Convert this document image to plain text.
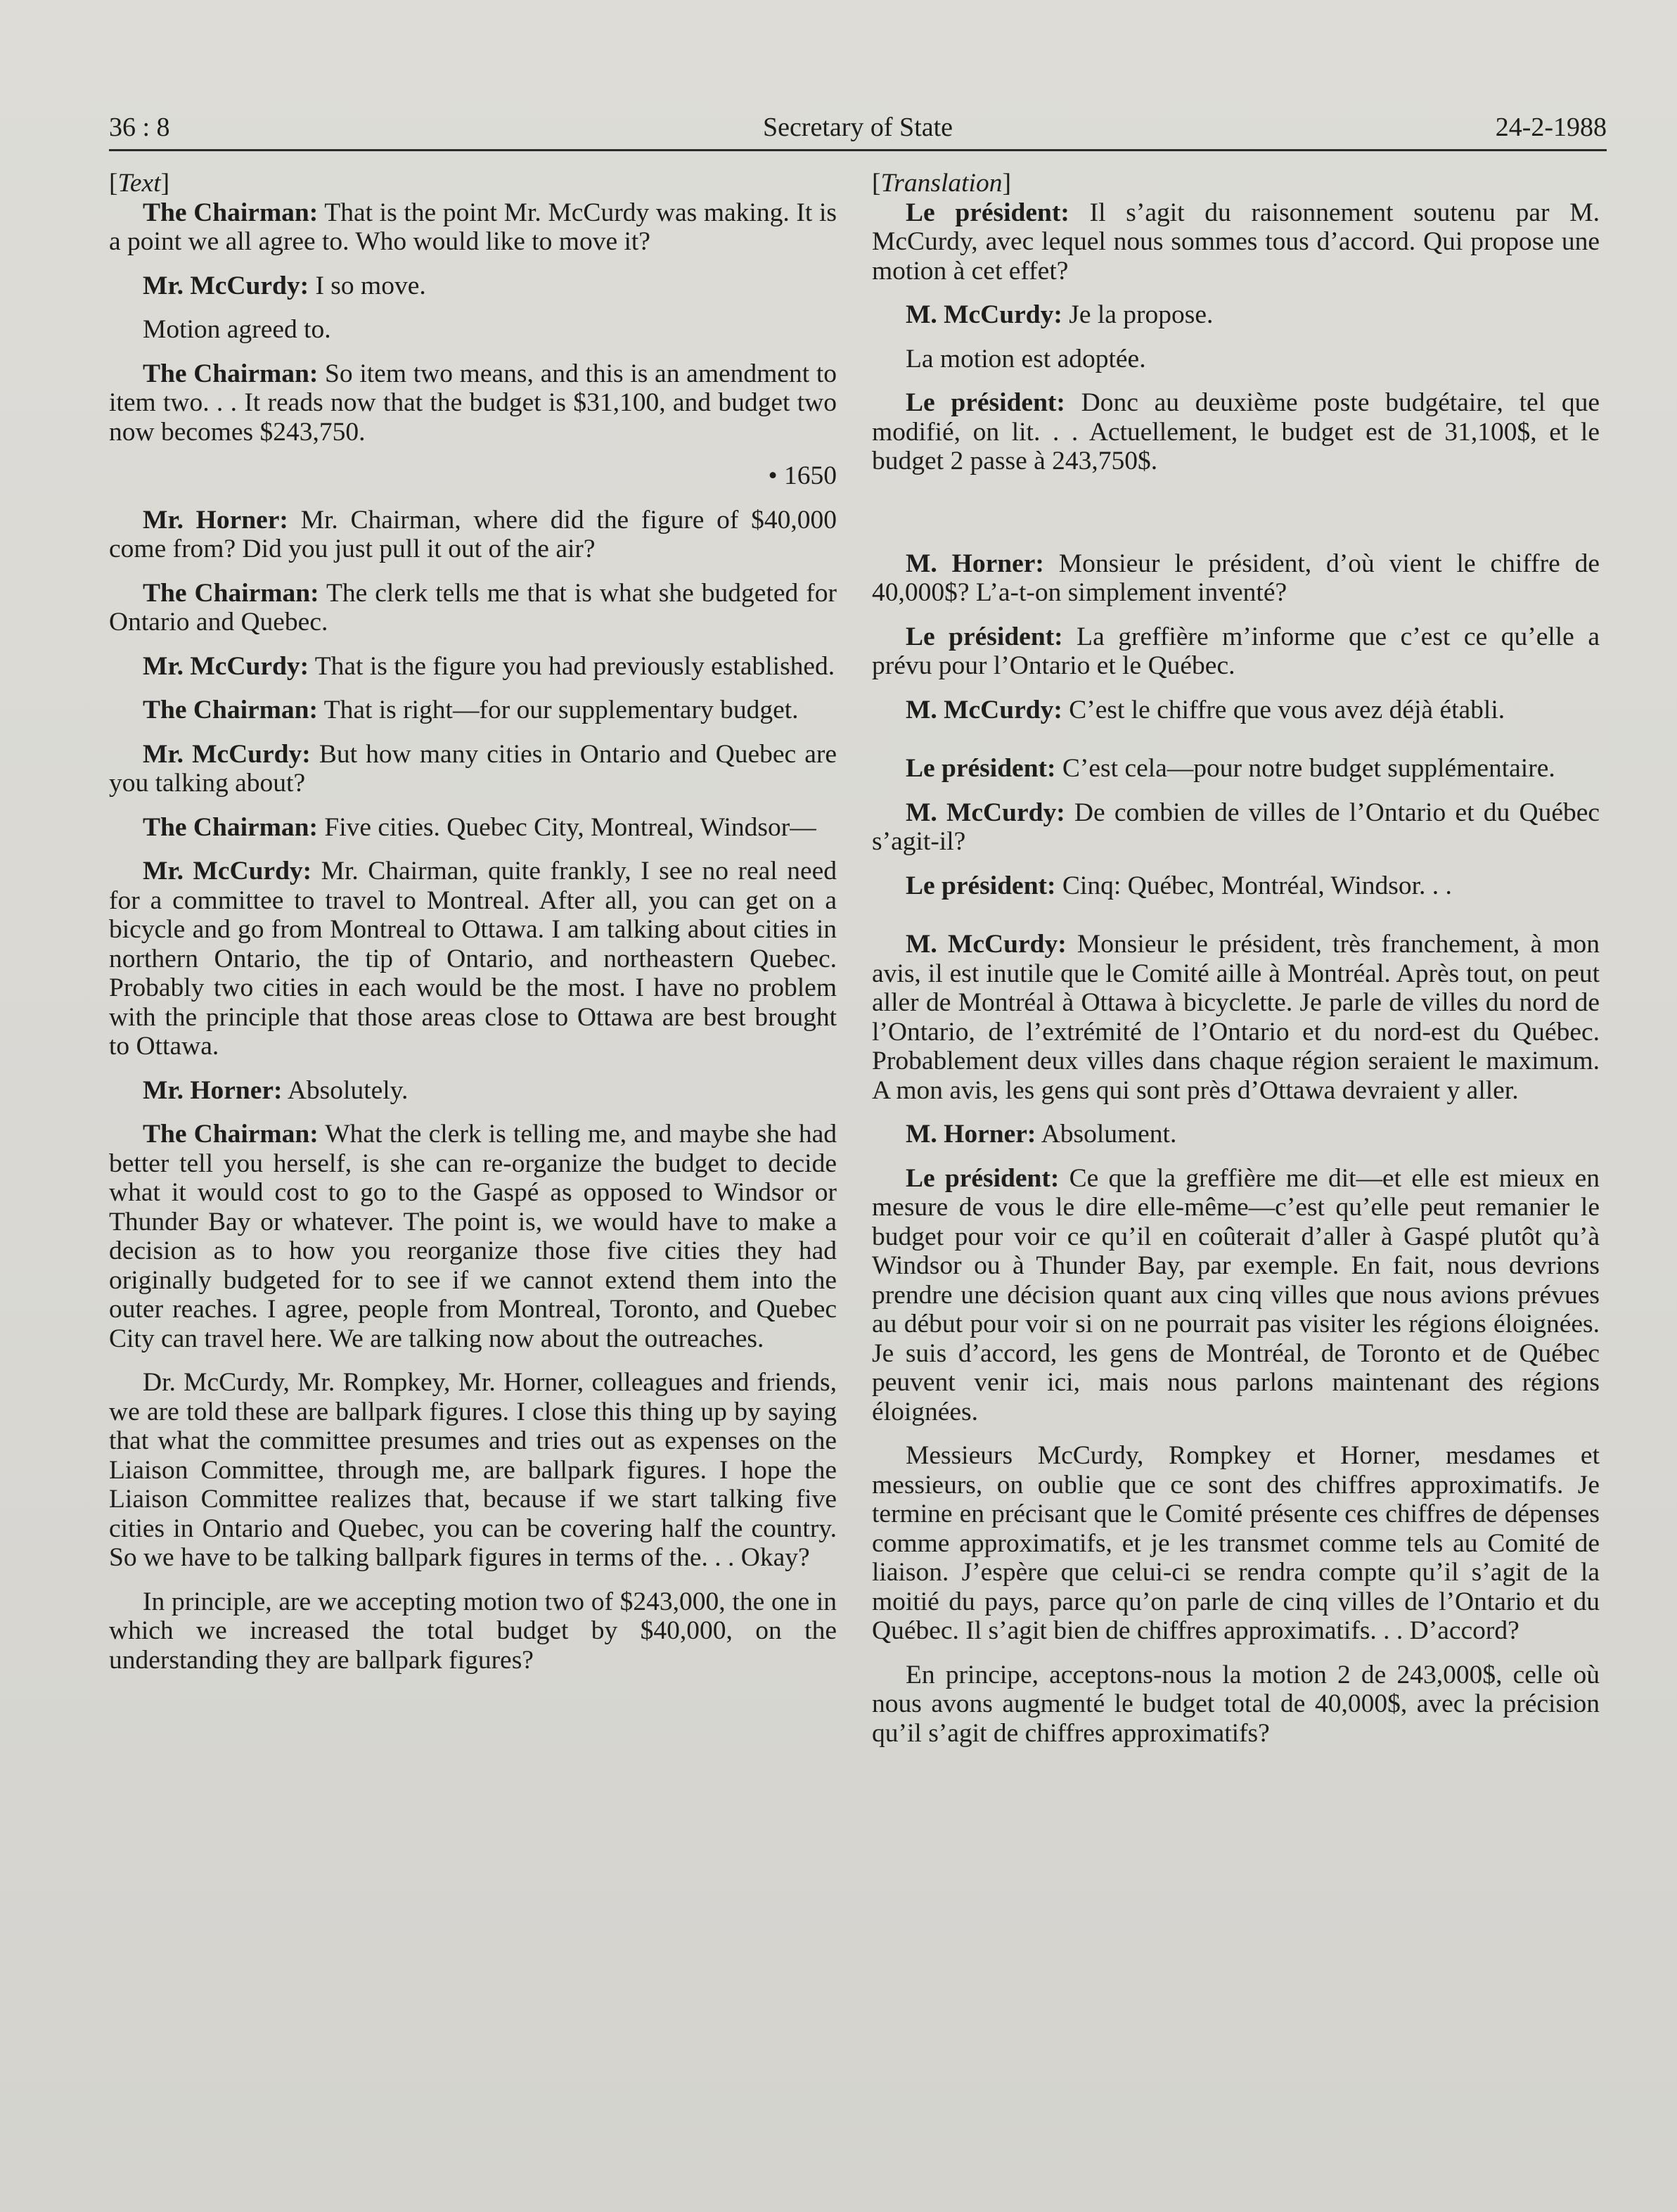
36 : 8	Secretary of State	24-2-1988

[Text]

The Chairman: That is the point Mr. McCurdy was making. It is a point we all agree to. Who would like to move it?

Mr. McCurdy: I so move.

Motion agreed to.

The Chairman: So item two means, and this is an amendment to item two. . . It reads now that the budget is $31,100, and budget two now becomes $243,750.

• 1650

Mr. Horner: Mr. Chairman, where did the figure of $40,000 come from? Did you just pull it out of the air?

The Chairman: The clerk tells me that is what she budgeted for Ontario and Quebec.

Mr. McCurdy: That is the figure you had previously established.

The Chairman: That is right—for our supplementary budget.

Mr. McCurdy: But how many cities in Ontario and Quebec are you talking about?

The Chairman: Five cities. Quebec City, Montreal, Windsor—

Mr. McCurdy: Mr. Chairman, quite frankly, I see no real need for a committee to travel to Montreal. After all, you can get on a bicycle and go from Montreal to Ottawa. I am talking about cities in northern Ontario, the tip of Ontario, and northeastern Quebec. Probably two cities in each would be the most. I have no problem with the principle that those areas close to Ottawa are best brought to Ottawa.

Mr. Horner: Absolutely.

The Chairman: What the clerk is telling me, and maybe she had better tell you herself, is she can re-organize the budget to decide what it would cost to go to the Gaspé as opposed to Windsor or Thunder Bay or whatever. The point is, we would have to make a decision as to how you reorganize those five cities they had originally budgeted for to see if we cannot extend them into the outer reaches. I agree, people from Montreal, Toronto, and Quebec City can travel here. We are talking now about the outreaches.

Dr. McCurdy, Mr. Rompkey, Mr. Horner, colleagues and friends, we are told these are ballpark figures. I close this thing up by saying that what the committee presumes and tries out as expenses on the Liaison Committee, through me, are ballpark figures. I hope the Liaison Committee realizes that, because if we start talking five cities in Ontario and Quebec, you can be covering half the country. So we have to be talking ballpark figures in terms of the. . . Okay?

In principle, are we accepting motion two of $243,000, the one in which we increased the total budget by $40,000, on the understanding they are ballpark figures?

[Translation]

Le président: Il s’agit du raisonnement soutenu par M. McCurdy, avec lequel nous sommes tous d’accord. Qui propose une motion à cet effet?

M. McCurdy: Je la propose.

La motion est adoptée.

Le président: Donc au deuxième poste budgétaire, tel que modifié, on lit. . . Actuellement, le budget est de 31,100$, et le budget 2 passe à 243,750$.

M. Horner: Monsieur le président, d’où vient le chiffre de 40,000$? L’a-t-on simplement inventé?

Le président: La greffière m’informe que c’est ce qu’elle a prévu pour l’Ontario et le Québec.

M. McCurdy: C’est le chiffre que vous avez déjà établi.

Le président: C’est cela—pour notre budget supplémentaire.

M. McCurdy: De combien de villes de l’Ontario et du Québec s’agit-il?

Le président: Cinq: Québec, Montréal, Windsor. . .

M. McCurdy: Monsieur le président, très franchement, à mon avis, il est inutile que le Comité aille à Montréal. Après tout, on peut aller de Montréal à Ottawa à bicyclette. Je parle de villes du nord de l’Ontario, de l’extrémité de l’Ontario et du nord-est du Québec. Probablement deux villes dans chaque région seraient le maximum. A mon avis, les gens qui sont près d’Ottawa devraient y aller.

M. Horner: Absolument.

Le président: Ce que la greffière me dit—et elle est mieux en mesure de vous le dire elle-même—c’est qu’elle peut remanier le budget pour voir ce qu’il en coûterait d’aller à Gaspé plutôt qu’à Windsor ou à Thunder Bay, par exemple. En fait, nous devrions prendre une décision quant aux cinq villes que nous avions prévues au début pour voir si on ne pourrait pas visiter les régions éloignées. Je suis d’accord, les gens de Montréal, de Toronto et de Québec peuvent venir ici, mais nous parlons maintenant des régions éloignées.

Messieurs McCurdy, Rompkey et Horner, mesdames et messieurs, on oublie que ce sont des chiffres approximatifs. Je termine en précisant que le Comité présente ces chiffres de dépenses comme approximatifs, et je les transmet comme tels au Comité de liaison. J’espère que celui-ci se rendra compte qu’il s’agit de la moitié du pays, parce qu’on parle de cinq villes de l’Ontario et du Québec. Il s’agit bien de chiffres approximatifs. . . D’accord?

En principe, acceptons-nous la motion 2 de 243,000$, celle où nous avons augmenté le budget total de 40,000$, avec la précision qu’il s’agit de chiffres approximatifs?
